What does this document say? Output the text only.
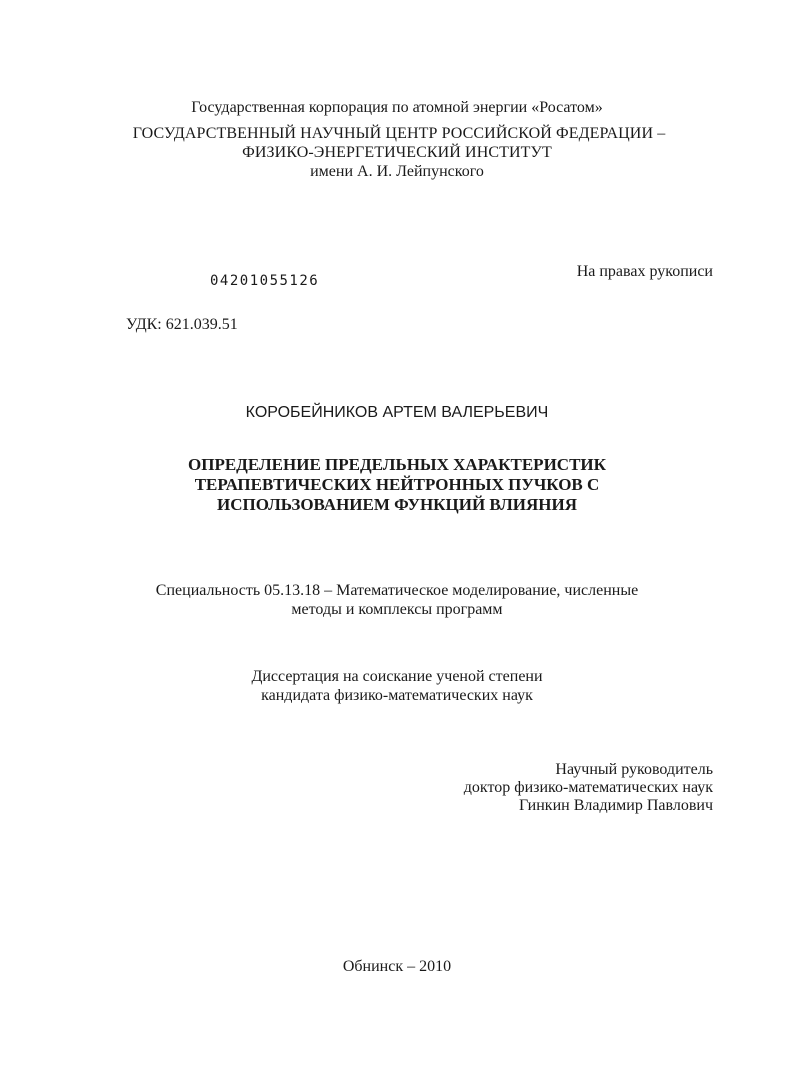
Государственная корпорация по атомной энергии «Росатом»
ГОСУДАРСТВЕННЫЙ НАУЧНЫЙ ЦЕНТР РОССИЙСКОЙ ФЕДЕРАЦИИ –
ФИЗИКО-ЭНЕРГЕТИЧЕСКИЙ ИНСТИТУТ
имени А. И. Лейпунского
04201055126
На правах рукописи
УДК: 621.039.51
КОРОБЕЙНИКОВ АРТЕМ ВАЛЕРЬЕВИЧ
ОПРЕДЕЛЕНИЕ ПРЕДЕЛЬНЫХ ХАРАКТЕРИСТИК
ТЕРАПЕВТИЧЕСКИХ НЕЙТРОННЫХ ПУЧКОВ С
ИСПОЛЬЗОВАНИЕМ ФУНКЦИЙ ВЛИЯНИЯ
Специальность 05.13.18 – Математическое моделирование, численные
методы и комплексы программ
Диссертация на соискание ученой степени
кандидата физико-математических наук
Научный руководитель
доктор физико-математических наук
Гинкин Владимир Павлович
Обнинск – 2010
